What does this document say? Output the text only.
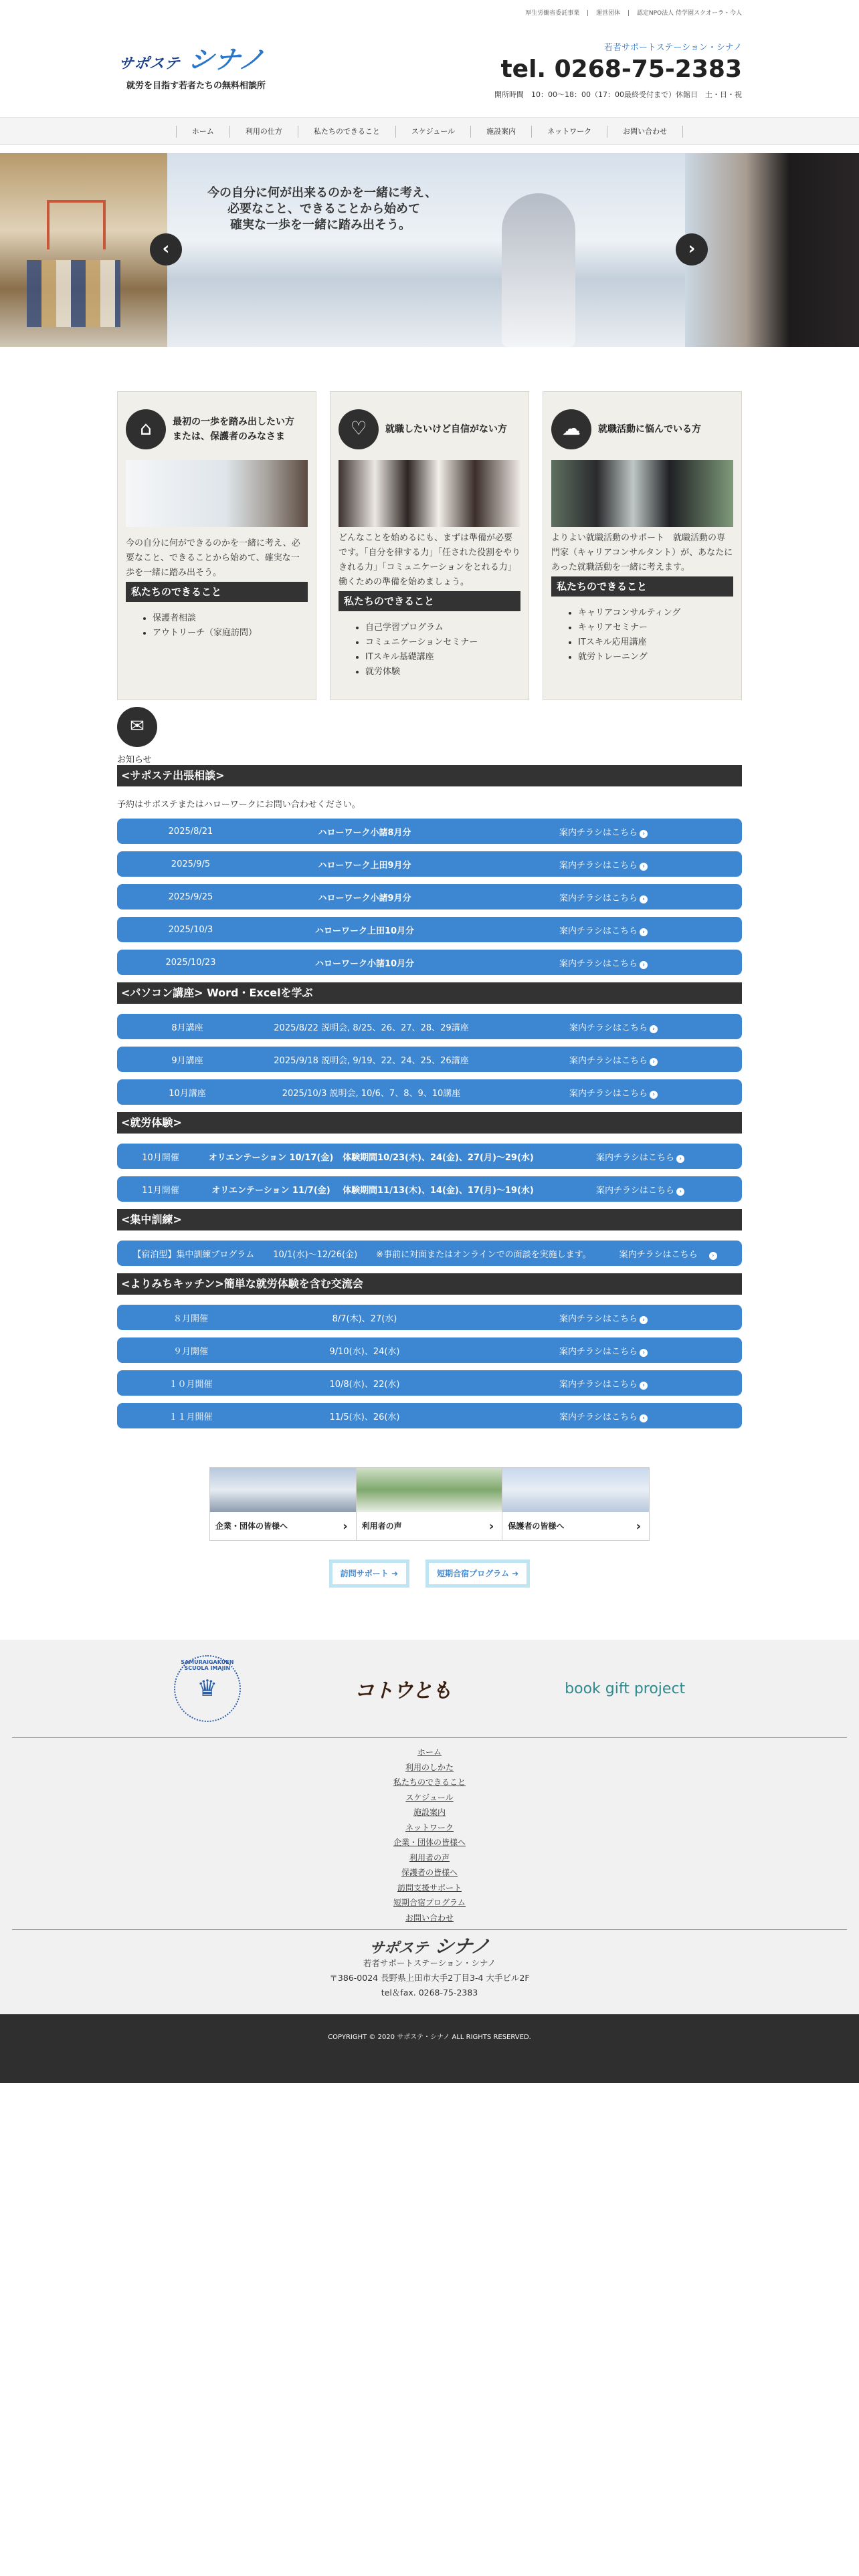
厚生労働省委託事業 | 運営団体 | 認定NPO法人 侍学園スクオーラ・今人
サポステ シナノ
就労を目指す若者たちの無料相談所
若者サポートステーション・シナノ
tel. 0268-75-2383
開所時間　10：00〜18：00（17：00最終受付まで）休館日　土・日・祝
ホーム	利用の仕方	私たちのできること	スケジュール	施設案内	ネットワーク	お問い合わせ

今の自分に何が出来るのかを一緒に考え、

必要なこと、できることから始めて

確実な一歩を一緒に踏み出そう。

‹	›
⌂	最初の一歩を踏み出したい方
または、保護者のみなさま
今の自分に何ができるのかを一緒に考え、必要なこと、できることから始めて、確実な一歩を一緒に踏み出そう。
私たちのできること
• 保護者相談
• アウトリーチ（家庭訪問）
♡	就職したいけど自信がない方
どんなことを始めるにも、まずは準備が必要です。「自分を律する力」「任された役割をやりきれる力」「コミュニケーションをとれる力」働くための準備を始めましょう。
私たちのできること
• 自己学習プログラム
• コミュニケーションセミナー
• ITスキル基礎講座
• 就労体験
☁	就職活動に悩んでいる方
よりよい就職活動のサポート　就職活動の専門家（キャリアコンサルタント）が、あなたにあった就職活動を一緒に考えます。
私たちのできること
• キャリアコンサルティング
• キャリアセミナー
• ITスキル応用講座
• 就労トレーニング
✉
お知らせ
<サポステ出張相談>
予約はサポステまたはハローワークにお問い合わせください。
2025/8/21	ハローワーク小諸8月分	案内チラシはこちら ›
2025/9/5	ハローワーク上田9月分	案内チラシはこちら ›
2025/9/25	ハローワーク小諸9月分	案内チラシはこちら ›
2025/10/3	ハローワーク上田10月分	案内チラシはこちら ›
2025/10/23	ハローワーク小諸10月分	案内チラシはこちら ›
<パソコン講座> Word・Excelを学ぶ
8月講座	2025/8/22 説明会, 8/25、26、27、28、29講座	案内チラシはこちら ›
9月講座	2025/9/18 説明会, 9/19、22、24、25、26講座	案内チラシはこちら ›
10月講座	2025/10/3 説明会, 10/6、7、8、9、10講座	案内チラシはこちら ›
<就労体験>
10月開催	オリエンテーション 10/17(金)	体験期間10/23(木)、24(金)、27(月)〜29(水)	案内チラシはこちら ›
11月開催	オリエンテーション 11/7(金)	体験期間11/13(木)、14(金)、17(月)〜19(水)	案内チラシはこちら ›
<集中訓練>
【宿泊型】集中訓練プログラム 10/1(水)〜12/26(金) ※事前に対面またはオンラインでの面談を実施します。	案内チラシはこちら ›
<よりみちキッチン>簡単な就労体験を含む交流会
８月開催	8/7(木)、27(水)	案内チラシはこちら ›
９月開催	9/10(水)、24(水)	案内チラシはこちら ›
１０月開催	10/8(水)、22(水)	案内チラシはこちら ›
１１月開催	11/5(水)、26(水)	案内チラシはこちら ›
企業・団体の皆様へ ›	利用者の声 ›	保護者の皆様へ ›
訪問サポート ➜	短期合宿プログラム ➜
♛
SAMURAIGAKUEN SCUOLA IMAJIN
コトウとも	book gift project
ホーム
利用のしかた
私たちのできること
スケジュール
施設案内
ネットワーク
企業・団体の皆様へ
利用者の声
保護者の皆様へ
訪問支援サポート
短期合宿プログラム
お問い合わせ
サポステ シナノ
若者サポートステーション・シナノ
〒386-0024 長野県上田市大手2丁目3-4 大手ビル2F
tel＆fax. 0268-75-2383
COPYRIGHT © 2020 サポステ・シナノ ALL RIGHTS RESERVED.
